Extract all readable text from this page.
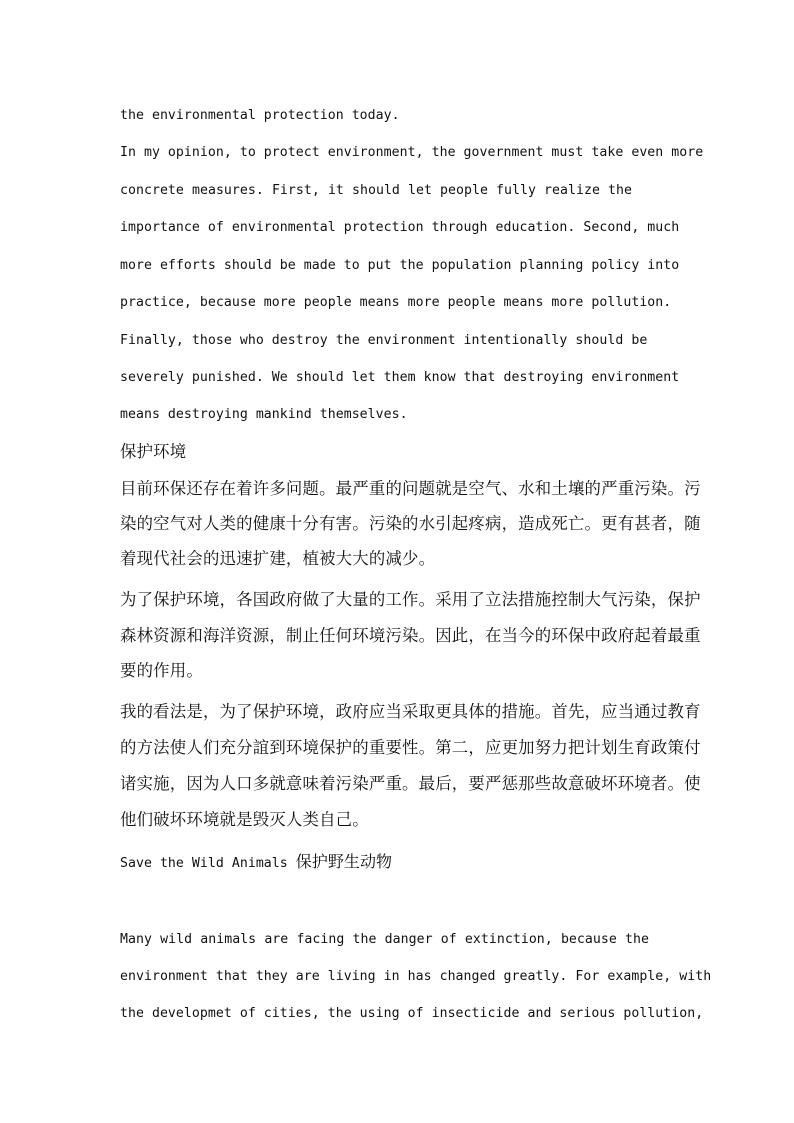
the environmental protection today.
In my opinion, to protect environment, the government must take even more
concrete measures. First, it should let people fully realize the
importance of environmental protection through education. Second, much
more efforts should be made to put the population planning policy into
practice, because more people means more people means more pollution.
Finally, those who destroy the environment intentionally should be
severely punished. We should let them know that destroying environment
means destroying mankind themselves.
保护环境
目前环保还存在着许多问题。最严重的问题就是空气、水和土壤的严重污染。污
染的空气对人类的健康十分有害。污染的水引起疼病，造成死亡。更有甚者，随
着现代社会的迅速扩建，植被大大的减少。
为了保护环境，各国政府做了大量的工作。采用了立法措施控制大气污染，保护
森林资源和海洋资源，制止任何环境污染。因此，在当今的环保中政府起着最重
要的作用。
我的看法是，为了保护环境，政府应当采取更具体的措施。首先，应当通过教育
的方法使人们充分誼到环境保护的重要性。第二，应更加努力把计划生育政策付
诸实施，因为人口多就意味着污染严重。最后，要严惩那些故意破坏环境者。使
他们破坏环境就是毁灭人类自己。
Save the Wild Animals 保护野生动物
Many wild animals are facing the danger of extinction, because the
environment that they are living in has changed greatly. For example, with
the developmet of cities, the using of insecticide and serious pollution,
